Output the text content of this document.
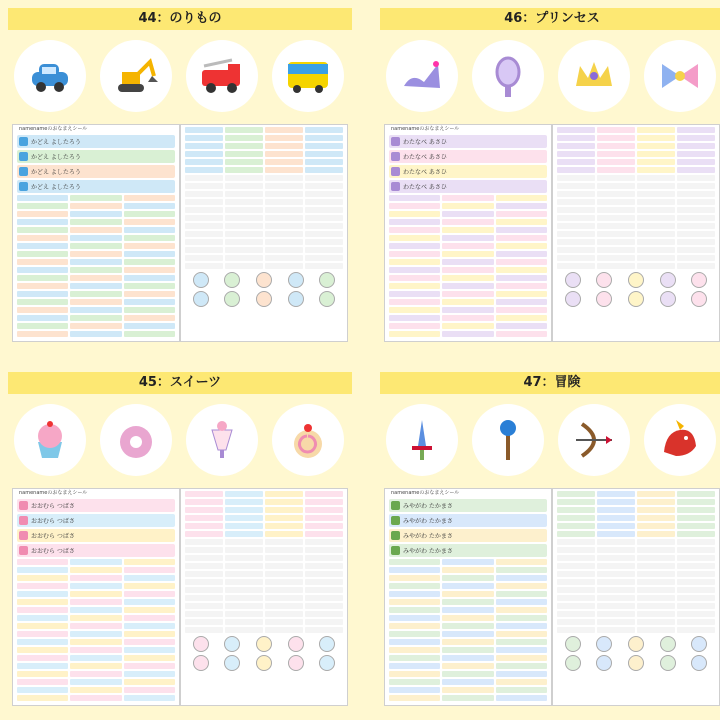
44：のりもの
namenameのおなまえシール
かどえ よしたろう
かどえ よしたろう
かどえ よしたろう
かどえ よしたろう
46：プリンセス
namenameのおなまえシール
わたなべ あさひ
わたなべ あさひ
わたなべ あさひ
わたなべ あさひ
45：スイーツ
namenameのおなまえシール
おおむら つばさ
おおむら つばさ
おおむら つばさ
おおむら つばさ
47：冒険
namenameのおなまえシール
みやがわ たかまさ
みやがわ たかまさ
みやがわ たかまさ
みやがわ たかまさ
